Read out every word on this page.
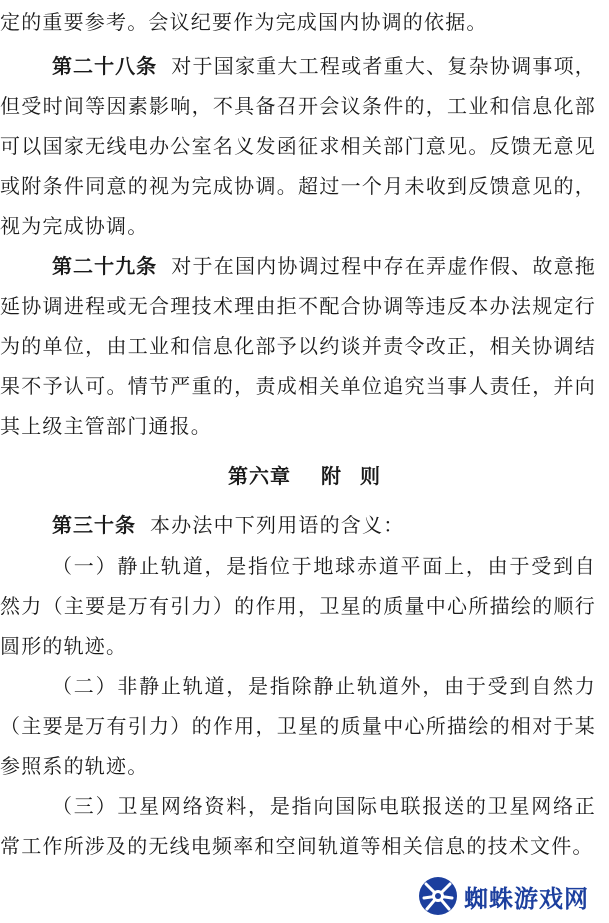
定的重要参考。会议纪要作为完成国内协调的依据。

第二十八条 对于国家重大工程或者重大、复杂协调事项，但受时间等因素影响，不具备召开会议条件的，工业和信息化部可以国家无线电办公室名义发函征求相关部门意见。反馈无意见或附条件同意的视为完成协调。超过一个月未收到反馈意见的，视为完成协调。

第二十九条 对于在国内协调过程中存在弄虚作假、故意拖延协调进程或无合理技术理由拒不配合协调等违反本办法规定行为的单位，由工业和信息化部予以约谈并责令改正，相关协调结果不予认可。情节严重的，责成相关单位追究当事人责任，并向其上级主管部门通报。

第六章 附 则

第三十条 本办法中下列用语的含义：

（一）静止轨道，是指位于地球赤道平面上，由于受到自然力（主要是万有引力）的作用，卫星的质量中心所描绘的顺行圆形的轨迹。

（二）非静止轨道，是指除静止轨道外，由于受到自然力（主要是万有引力）的作用，卫星的质量中心所描绘的相对于某参照系的轨迹。

（三）卫星网络资料，是指向国际电联报送的卫星网络正常工作所涉及的无线电频率和空间轨道等相关信息的技术文件。

蜘蛛游戏网
